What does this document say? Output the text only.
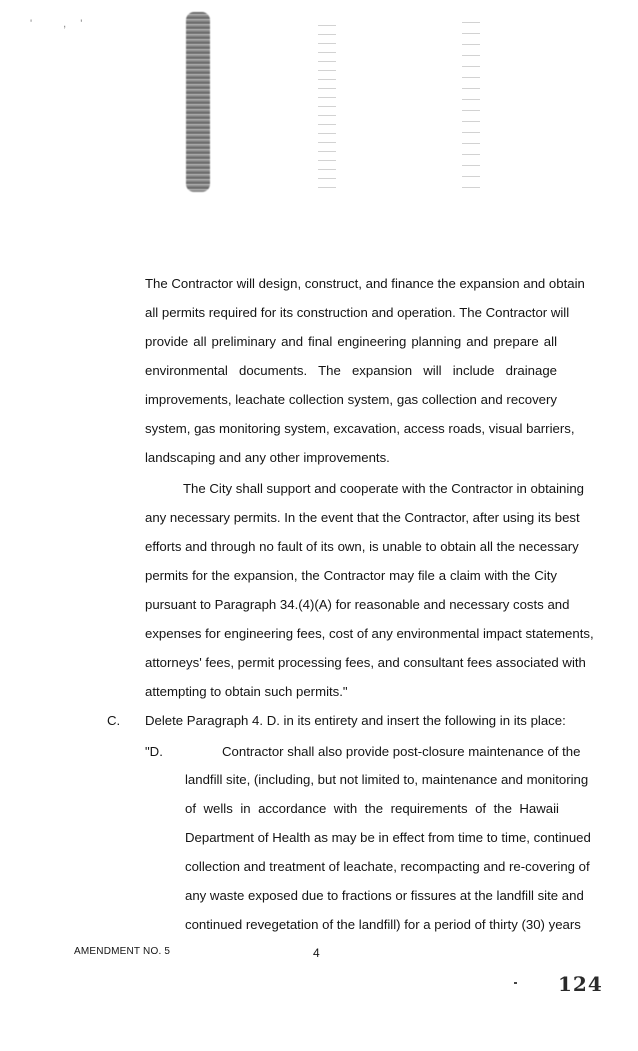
' ,'
The Contractor will design, construct, and finance the expansion and obtain
all permits required for its construction and operation. The Contractor will
provide all preliminary and final engineering planning and prepare all
environmental documents. The expansion will include drainage
improvements, leachate collection system, gas collection and recovery
system, gas monitoring system, excavation, access roads, visual barriers,
landscaping and any other improvements.
The City shall support and cooperate with the Contractor in obtaining
any necessary permits. In the event that the Contractor, after using its best
efforts and through no fault of its own, is unable to obtain all the necessary
permits for the expansion, the Contractor may file a claim with the City
pursuant to Paragraph 34.(4)(A) for reasonable and necessary costs and
expenses for engineering fees, cost of any environmental impact statements,
attorneys' fees, permit processing fees, and consultant fees associated with
attempting to obtain such permits."
C. Delete Paragraph 4. D. in its entirety and insert the following in its place:
"D.	Contractor shall also provide post-closure maintenance of the
landfill site, (including, but not limited to, maintenance and monitoring
of wells in accordance with the requirements of the Hawaii
Department of Health as may be in effect from time to time, continued
collection and treatment of leachate, recompacting and re-covering of
any waste exposed due to fractions or fissures at the landfill site and
continued revegetation of the landfill) for a period of thirty (30) years
AMENDMENT NO. 5	4
124
